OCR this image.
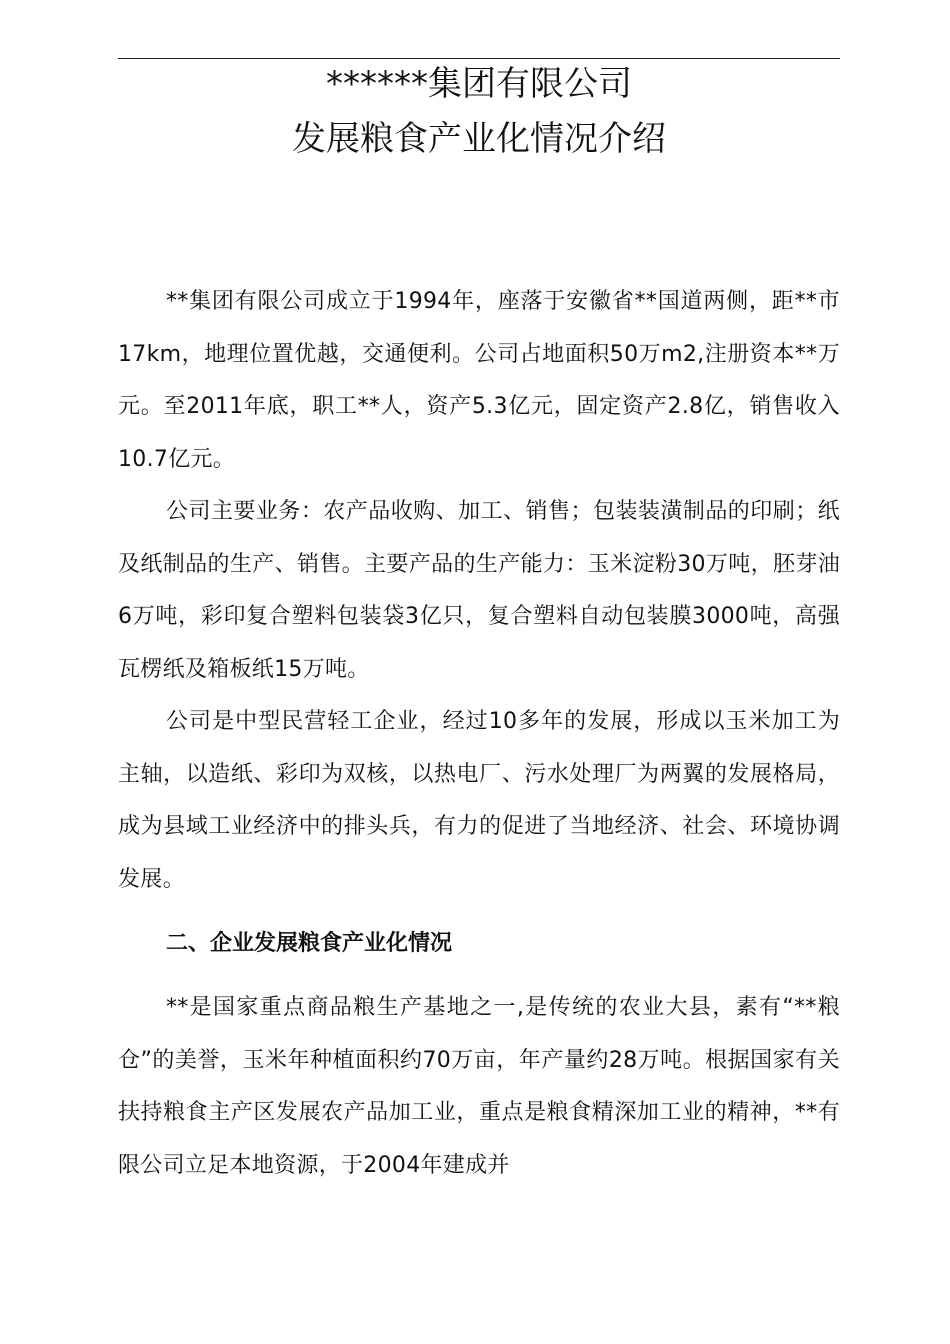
******集团有限公司
发展粮食产业化情况介绍

**集团有限公司成立于1994年，座落于安徽省**国道两侧，距**市17km，地理位置优越，交通便利。公司占地面积50万m2,注册资本**万元。至2011年底，职工**人，资产5.3亿元，固定资产2.8亿，销售收入10.7亿元。

公司主要业务：农产品收购、加工、销售；包装装潢制品的印刷；纸及纸制品的生产、销售。主要产品的生产能力：玉米淀粉30万吨，胚芽油6万吨，彩印复合塑料包装袋3亿只，复合塑料自动包装膜3000吨，高强瓦楞纸及箱板纸15万吨。

公司是中型民营轻工企业，经过10多年的发展，形成以玉米加工为主轴，以造纸、彩印为双核，以热电厂、污水处理厂为两翼的发展格局，成为县域工业经济中的排头兵，有力的促进了当地经济、社会、环境协调发展。

二、企业发展粮食产业化情况

**是国家重点商品粮生产基地之一,是传统的农业大县，素有“**粮仓”的美誉，玉米年种植面积约70万亩，年产量约28万吨。根据国家有关扶持粮食主产区发展农产品加工业，重点是粮食精深加工业的精神，**有限公司立足本地资源，于2004年建成并
